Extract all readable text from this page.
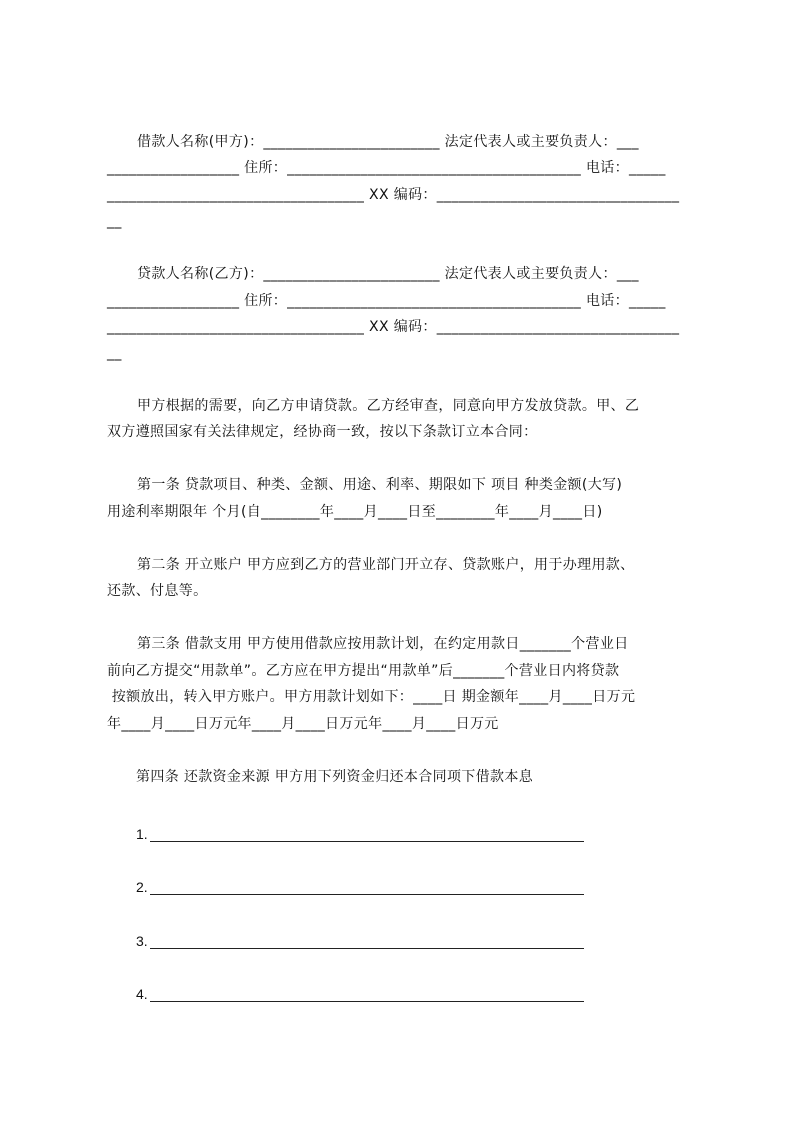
借款人名称(甲方)：________________________ 法定代表人或主要负责人：___
__________________ 住所：________________________________________ 电话：_____
___________________________________ XX 编码：_________________________________
__
贷款人名称(乙方)：________________________ 法定代表人或主要负责人：___
__________________ 住所：________________________________________ 电话：_____
___________________________________ XX 编码：_________________________________
__
甲方根据的需要，向乙方申请贷款。乙方经审查，同意向甲方发放贷款。甲、乙
双方遵照国家有关法律规定，经协商一致，按以下条款订立本合同：
第一条 贷款项目、种类、金额、用途、利率、期限如下 项目 种类金额(大写)
用途利率期限年 个月(自________年____月____日至________年____月____日)
第二条 开立账户 甲方应到乙方的营业部门开立存、贷款账户，用于办理用款、
还款、付息等。
第三条 借款支用 甲方使用借款应按用款计划，在约定用款日_______个营业日
前向乙方提交“用款单”。乙方应在甲方提出“用款单”后_______个营业日内将贷款
按额放出，转入甲方账户。甲方用款计划如下：____日 期金额年____月____日万元
年____月____日万元年____月____日万元年____月____日万元
第四条 还款资金来源 甲方用下列资金归还本合同项下借款本息
1.
2.
3.
4.
